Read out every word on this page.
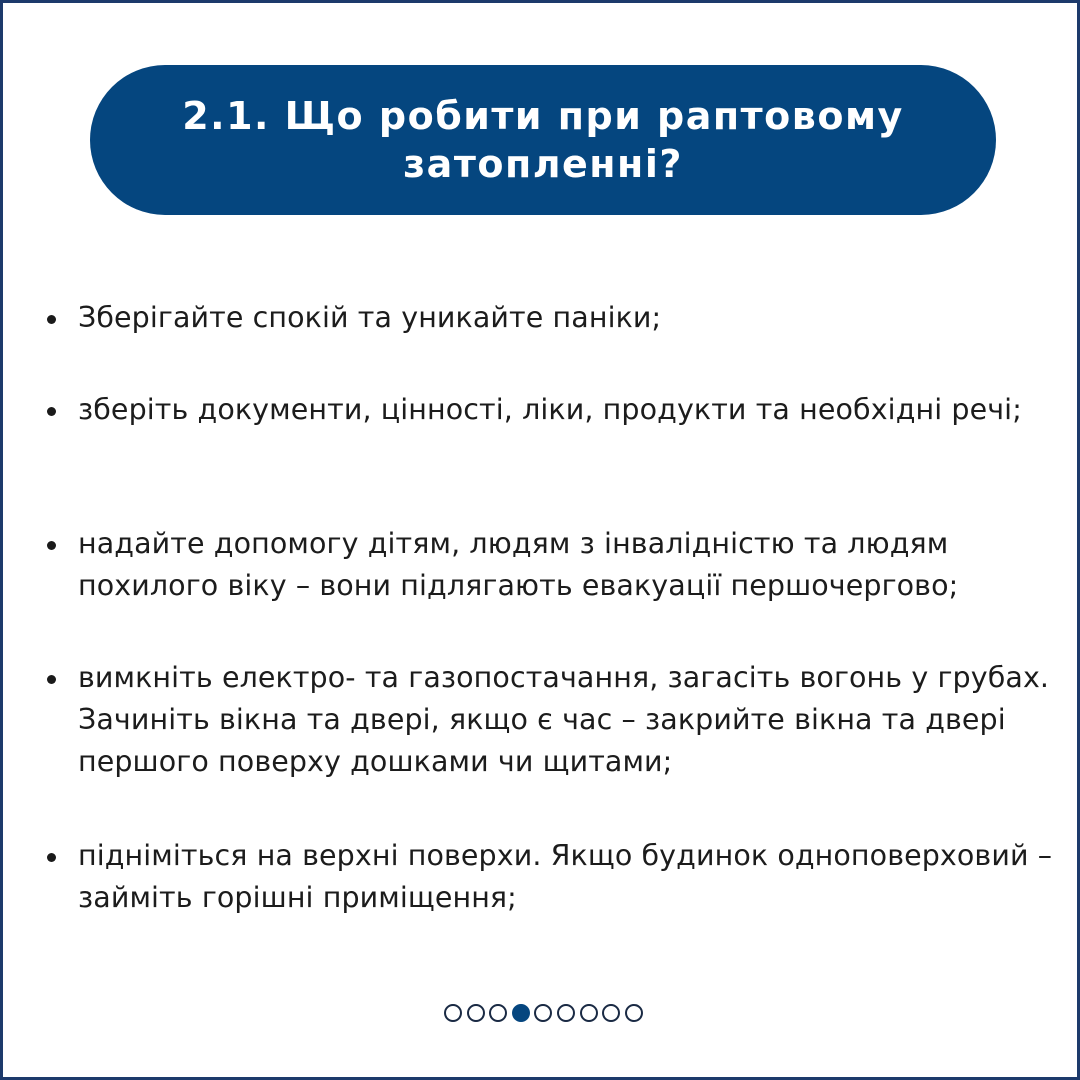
2.1. Що робити при раптовому затопленні?
Зберігайте спокій та уникайте паніки;
зберіть документи, цінності, ліки, продукти та необхідні речі;
надайте допомогу дітям, людям з інвалідністю та людям похилого віку – вони підлягають евакуації першочергово;
вимкніть електро- та газопостачання, загасіть вогонь у грубах. Зачиніть вікна та двері, якщо є час – закрийте вікна та двері першого поверху дошками чи щитами;
підніміться на верхні поверхи. Якщо будинок одноповерховий – займіть горішні приміщення;
